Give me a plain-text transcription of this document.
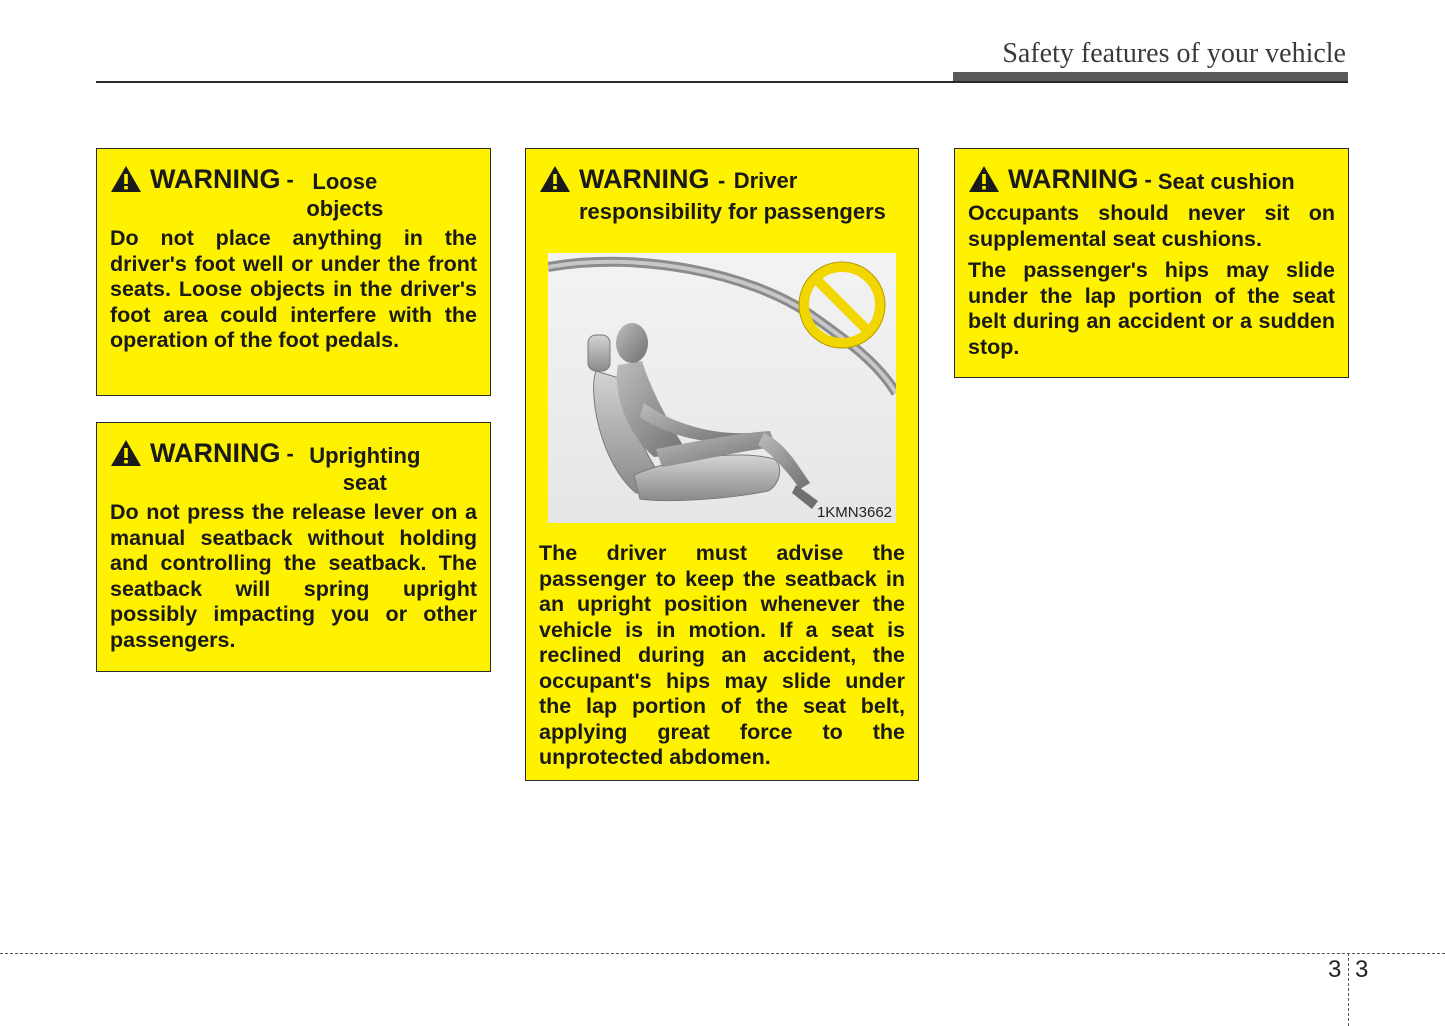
Safety features of your vehicle
WARNING - Loose objects

Do not place anything in the driver's foot well or under the front seats. Loose objects in the driver's foot area could interfere with the operation of the foot pedals.

WARNING - Uprighting seat

Do not press the release lever on a manual seatback without holding and controlling the seatback. The seatback will spring upright possibly impacting you or other passengers.

WARNING - Driver responsibility for passengers
1KMN3662

The driver must advise the passenger to keep the seatback in an upright position whenever the vehicle is in motion. If a seat is reclined during an accident, the occupant's hips may slide under the lap portion of the seat belt, applying great force to the unprotected abdomen.

WARNING - Seat cushion

Occupants should never sit on supplemental seat cushions.

The passenger's hips may slide under the lap portion of the seat belt during an accident or a sudden stop.

3 3
